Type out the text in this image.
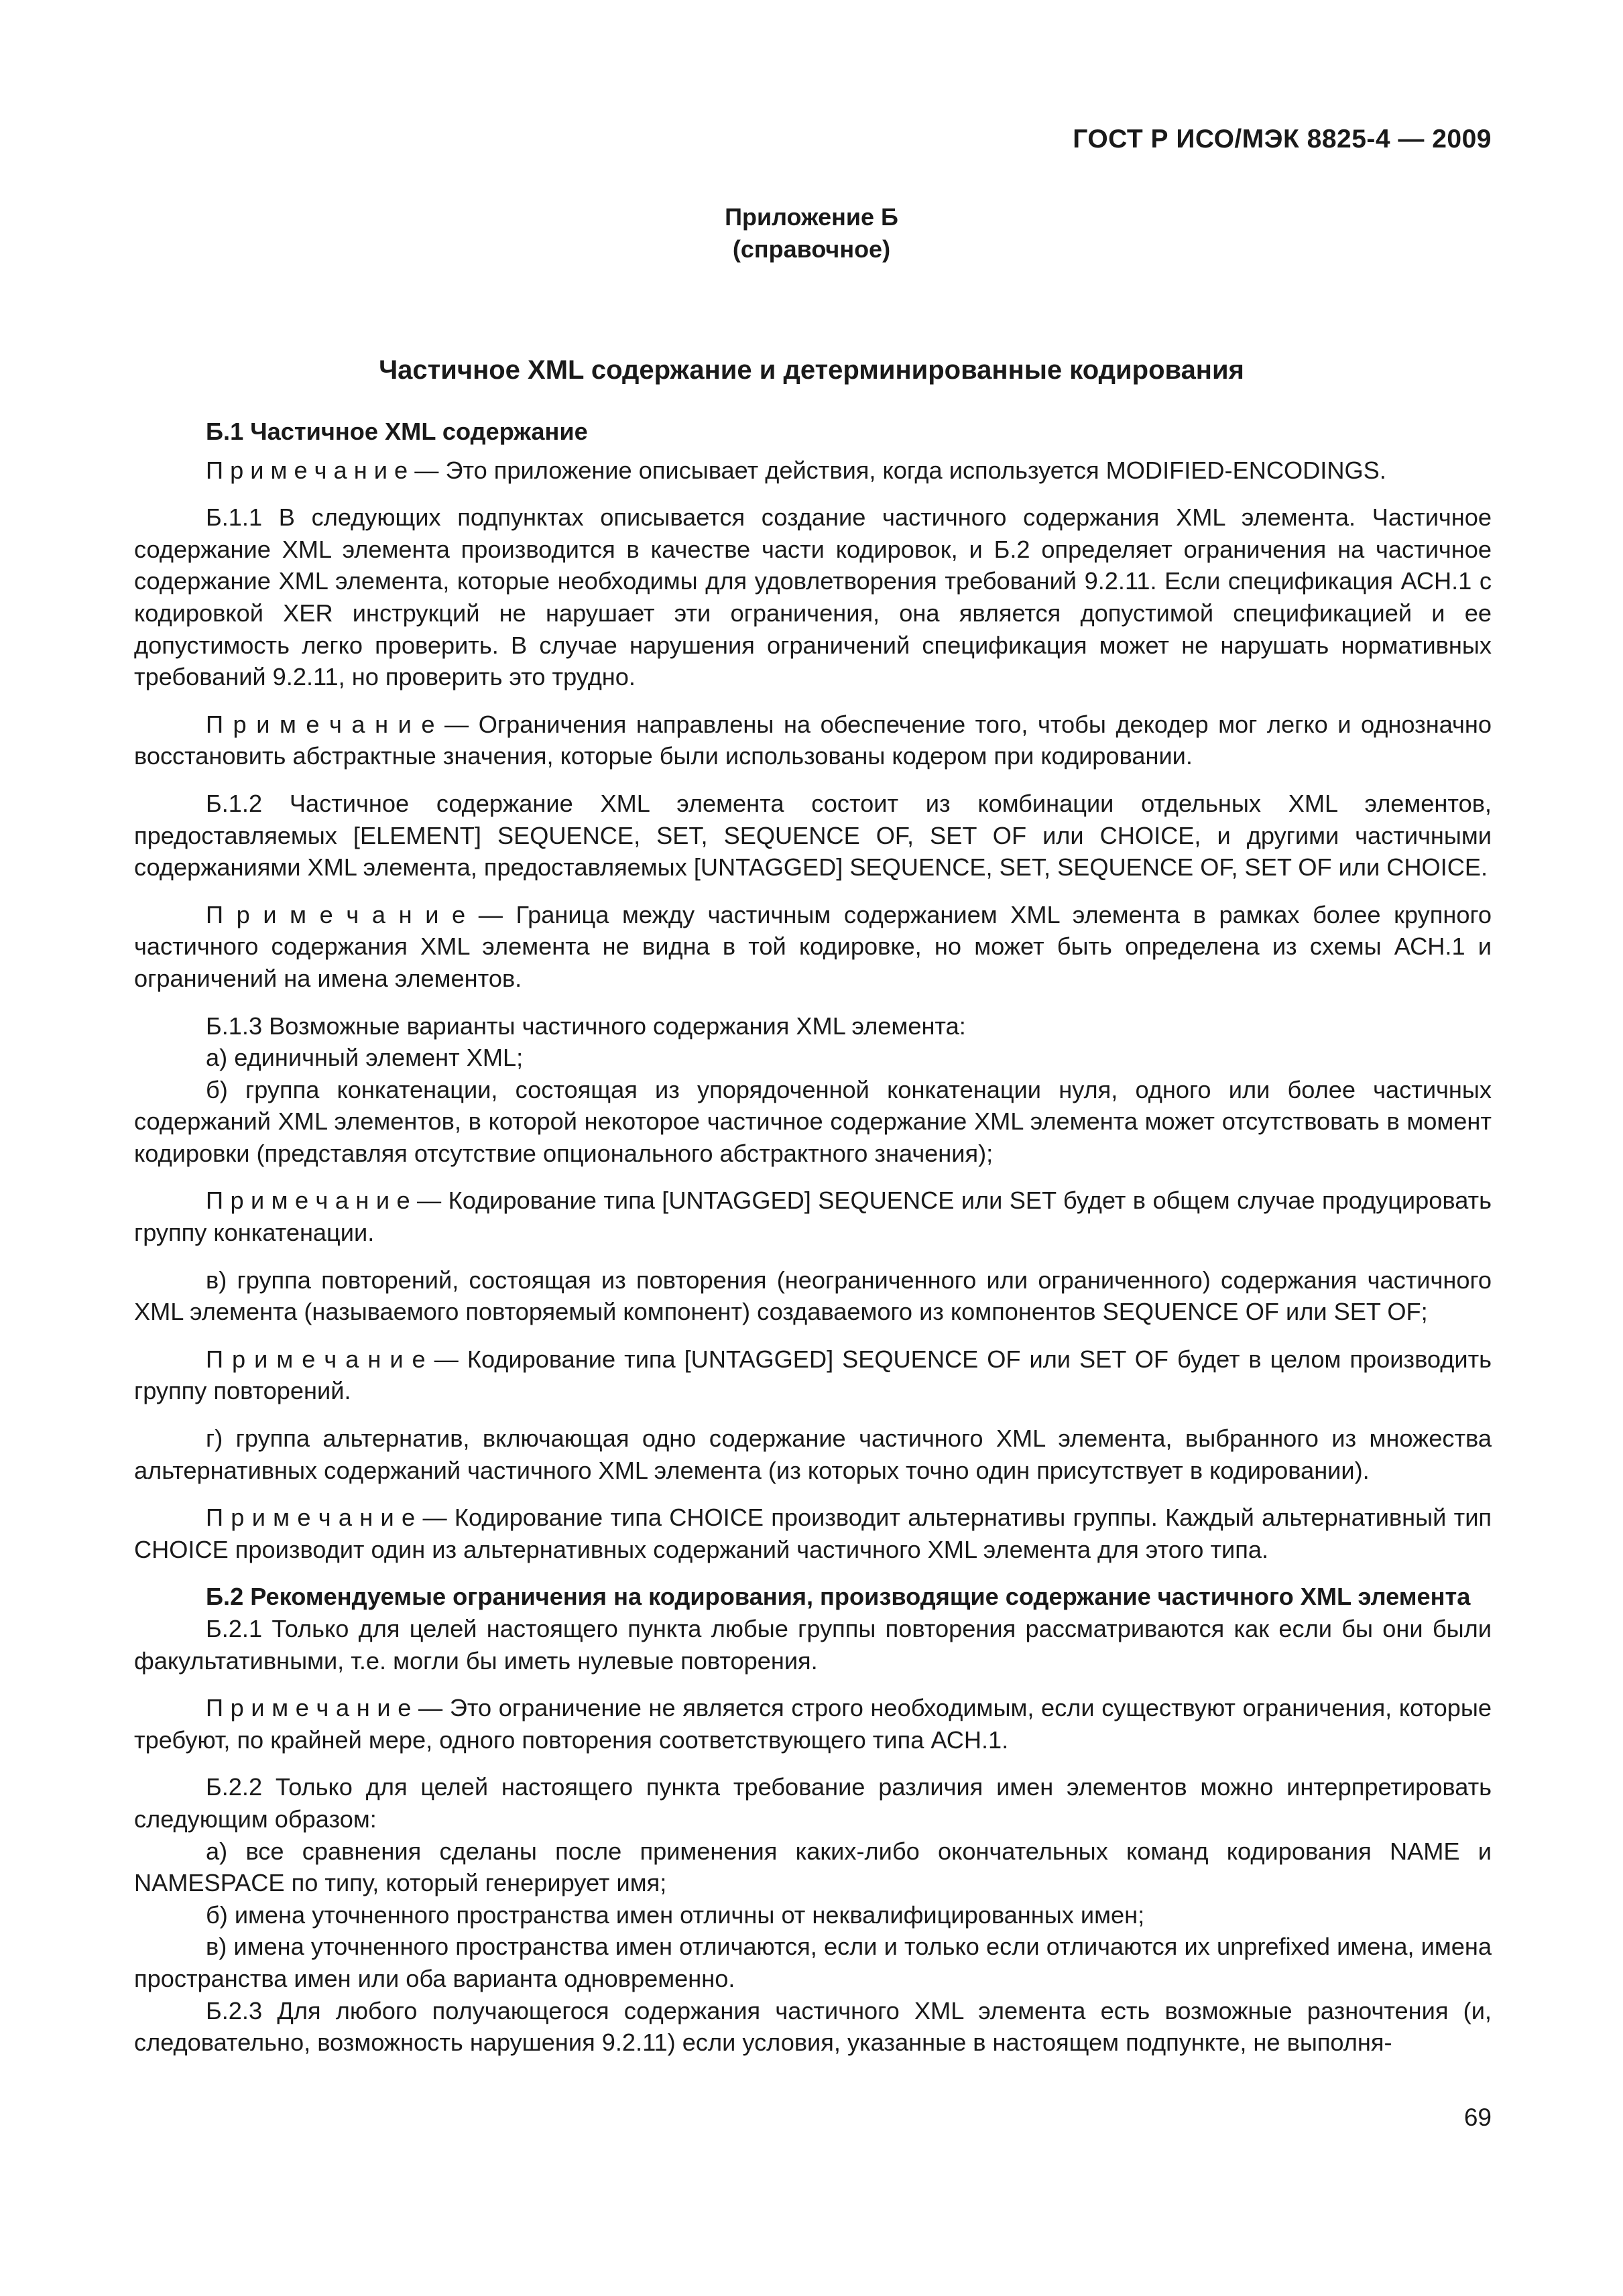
ГОСТ Р ИСО/МЭК 8825-4 — 2009
Приложение Б
(справочное)
Частичное XML содержание и детерминированные кодирования

Б.1 Частичное XML содержание

П р и м е ч а н и е — Это приложение описывает действия, когда используется MODIFIED-ENCODINGS.

Б.1.1 В следующих подпунктах описывается создание частичного содержания XML элемента. Частичное содержание XML элемента производится в качестве части кодировок, и Б.2 определяет ограничения на частичное содержание XML элемента, которые необходимы для удовлетворения требований 9.2.11. Если спецификация АСН.1 с кодировкой XER инструкций не нарушает эти ограничения, она является допустимой спецификацией и ее допустимость легко проверить. В случае нарушения ограничений спецификация может не нарушать нормативных требований 9.2.11, но проверить это трудно.

П р и м е ч а н и е — Ограничения направлены на обеспечение того, чтобы декодер мог легко и однозначно восстановить абстрактные значения, которые были использованы кодером при кодировании.

Б.1.2 Частичное содержание XML элемента состоит из комбинации отдельных XML элементов, предоставляемых [ELEMENT] SEQUENCE, SET, SEQUENCE OF, SET OF или CHOICE, и другими частичными содержаниями XML элемента, предоставляемых [UNTAGGED] SEQUENCE, SET, SEQUENCE OF, SET OF или CHOICE.

П р и м е ч а н и е — Граница между частичным содержанием XML элемента в рамках более крупного частичного содержания XML элемента не видна в той кодировке, но может быть определена из схемы АСН.1 и ограничений на имена элементов.

Б.1.3 Возможные варианты частичного содержания XML элемента:

а) единичный элемент XML;

б) группа конкатенации, состоящая из упорядоченной конкатенации нуля, одного или более частичных содержаний XML элементов, в которой некоторое частичное содержание XML элемента может отсутствовать в момент кодировки (представляя отсутствие опционального абстрактного значения);

П р и м е ч а н и е — Кодирование типа [UNTAGGED] SEQUENCE или SET будет в общем случае продуцировать группу конкатенации.

в) группа повторений, состоящая из повторения (неограниченного или ограниченного) содержания частичного XML элемента (называемого повторяемый компонент) создаваемого из компонентов SEQUENCE OF или SET OF;

П р и м е ч а н и е — Кодирование типа [UNTAGGED] SEQUENCE OF или SET OF будет в целом производить группу повторений.

г) группа альтернатив, включающая одно содержание частичного XML элемента, выбранного из множества альтернативных содержаний частичного XML элемента (из которых точно один присутствует в кодировании).

П р и м е ч а н и е — Кодирование типа CHOICE производит альтернативы группы. Каждый альтернативный тип CHOICE производит один из альтернативных содержаний частичного XML элемента для этого типа.

Б.2 Рекомендуемые ограничения на кодирования, производящие содержание частичного XML элемента

Б.2.1 Только для целей настоящего пункта любые группы повторения рассматриваются как если бы они были факультативными, т.е. могли бы иметь нулевые повторения.

П р и м е ч а н и е — Это ограничение не является строго необходимым, если существуют ограничения, которые требуют, по крайней мере, одного повторения соответствующего типа АСН.1.

Б.2.2 Только для целей настоящего пункта требование различия имен элементов можно интерпретировать следующим образом:

а) все сравнения сделаны после применения каких-либо окончательных команд кодирования NAME и NAMESPACE по типу, который генерирует имя;

б) имена уточненного пространства имен отличны от неквалифицированных имен;

в) имена уточненного пространства имен отличаются, если и только если отличаются их unprefixed имена, имена пространства имен или оба варианта одновременно.

Б.2.3 Для любого получающегося содержания частичного XML элемента есть возможные разночтения (и, следовательно, возможность нарушения 9.2.11) если условия, указанные в настоящем подпункте, не выполня-

69
